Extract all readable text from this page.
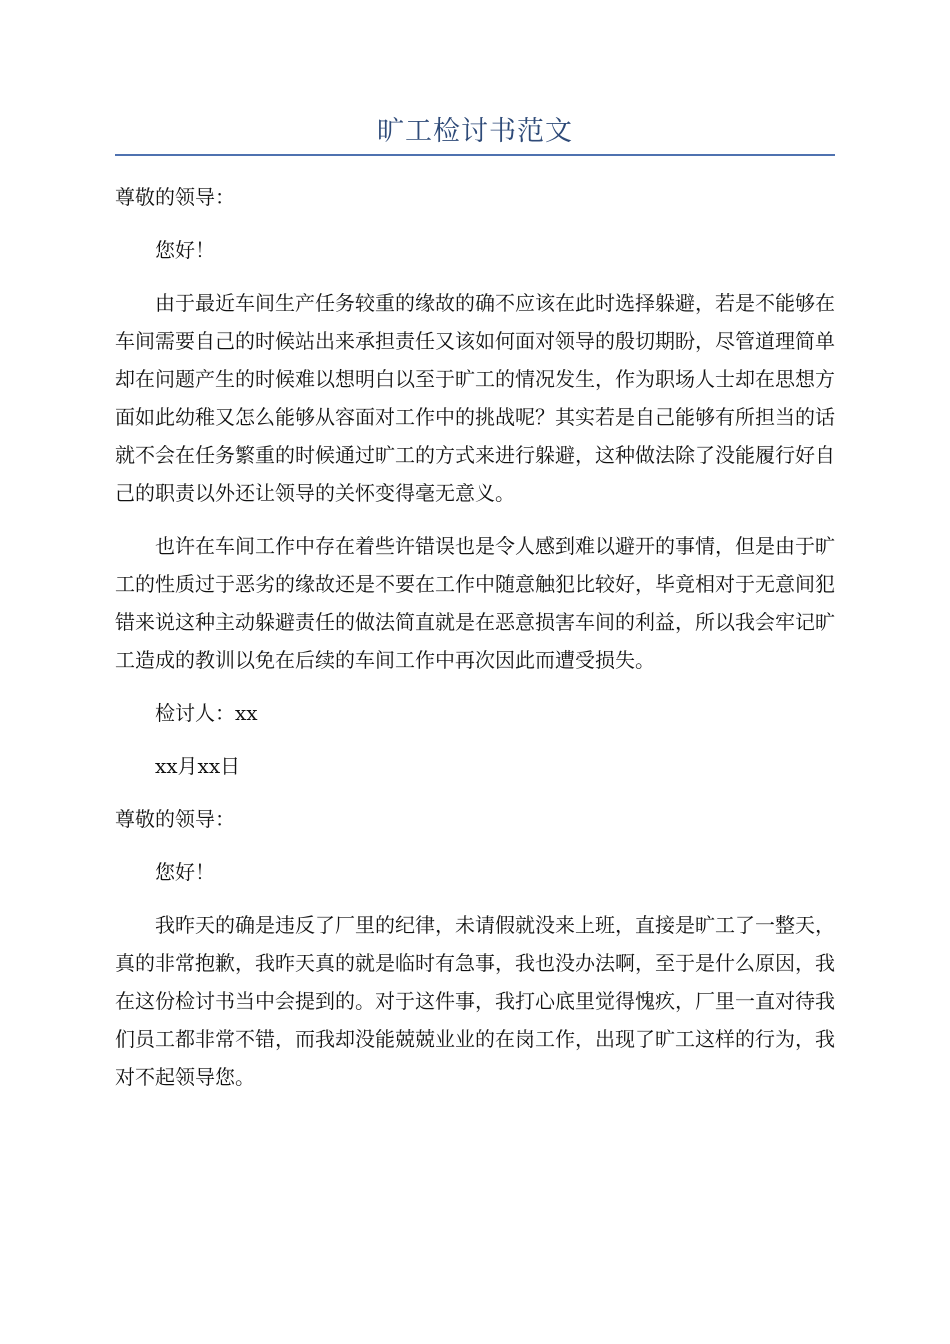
旷工检讨书范文

尊敬的领导：

您好！

由于最近车间生产任务较重的缘故的确不应该在此时选择躲避，若是不能够在车间需要自己的时候站出来承担责任又该如何面对领导的殷切期盼，尽管道理简单却在问题产生的时候难以想明白以至于旷工的情况发生，作为职场人士却在思想方面如此幼稚又怎么能够从容面对工作中的挑战呢？其实若是自己能够有所担当的话就不会在任务繁重的时候通过旷工的方式来进行躲避，这种做法除了没能履行好自己的职责以外还让领导的关怀变得毫无意义。

也许在车间工作中存在着些许错误也是令人感到难以避开的事情，但是由于旷工的性质过于恶劣的缘故还是不要在工作中随意触犯比较好，毕竟相对于无意间犯错来说这种主动躲避责任的做法简直就是在恶意损害车间的利益，所以我会牢记旷工造成的教训以免在后续的车间工作中再次因此而遭受损失。

检讨人：xx

xx月xx日

尊敬的领导：

您好！

我昨天的确是违反了厂里的纪律，未请假就没来上班，直接是旷工了一整天，真的非常抱歉，我昨天真的就是临时有急事，我也没办法啊，至于是什么原因，我在这份检讨书当中会提到的。对于这件事，我打心底里觉得愧疚，厂里一直对待我们员工都非常不错，而我却没能兢兢业业的在岗工作，出现了旷工这样的行为，我对不起领导您。
